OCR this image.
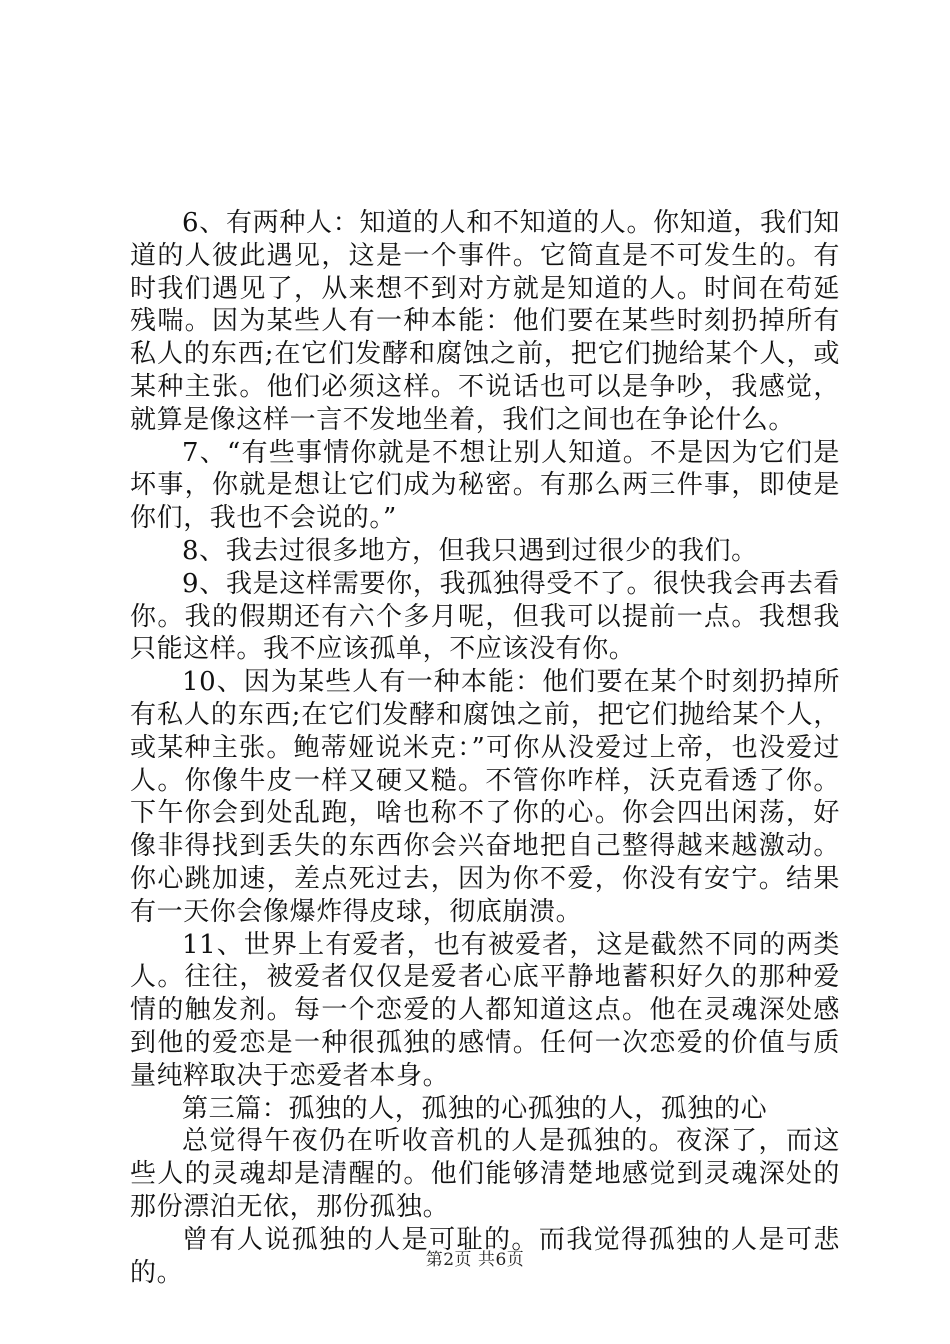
6、有两种人：知道的人和不知道的人。你知道，我们知道的人彼此遇见，这是一个事件。它简直是不可发生的。有时我们遇见了，从来想不到对方就是知道的人。时间在苟延残喘。因为某些人有一种本能：他们要在某些时刻扔掉所有私人的东西;在它们发酵和腐蚀之前，把它们抛给某个人，或某种主张。他们必须这样。不说话也可以是争吵，我感觉，就算是像这样一言不发地坐着，我们之间也在争论什么。

7、“有些事情你就是不想让别人知道。不是因为它们是坏事，你就是想让它们成为秘密。有那么两三件事，即使是你们，我也不会说的。”

8、我去过很多地方，但我只遇到过很少的我们。

9、我是这样需要你，我孤独得受不了。很快我会再去看你。我的假期还有六个多月呢，但我可以提前一点。我想我只能这样。我不应该孤单，不应该没有你。

10、因为某些人有一种本能：他们要在某个时刻扔掉所有私人的东西;在它们发酵和腐蚀之前，把它们抛给某个人，或某种主张。鲍蒂娅说米克：”可你从没爱过上帝，也没爱过人。你像牛皮一样又硬又糙。不管你咋样，沃克看透了你。下午你会到处乱跑，啥也称不了你的心。你会四出闲荡，好像非得找到丢失的东西你会兴奋地把自己整得越来越激动。你心跳加速，差点死过去，因为你不爱，你没有安宁。结果有一天你会像爆炸得皮球，彻底崩溃。

11、世界上有爱者，也有被爱者，这是截然不同的两类人。往往，被爱者仅仅是爱者心底平静地蓄积好久的那种爱情的触发剂。每一个恋爱的人都知道这点。他在灵魂深处感到他的爱恋是一种很孤独的感情。任何一次恋爱的价值与质量纯粹取决于恋爱者本身。

第三篇：孤独的人，孤独的心孤独的人，孤独的心

总觉得午夜仍在听收音机的人是孤独的。夜深了，而这些人的灵魂却是清醒的。他们能够清楚地感觉到灵魂深处的那份漂泊无依，那份孤独。

曾有人说孤独的人是可耻的。而我觉得孤独的人是可悲的。	第2页 共6页
